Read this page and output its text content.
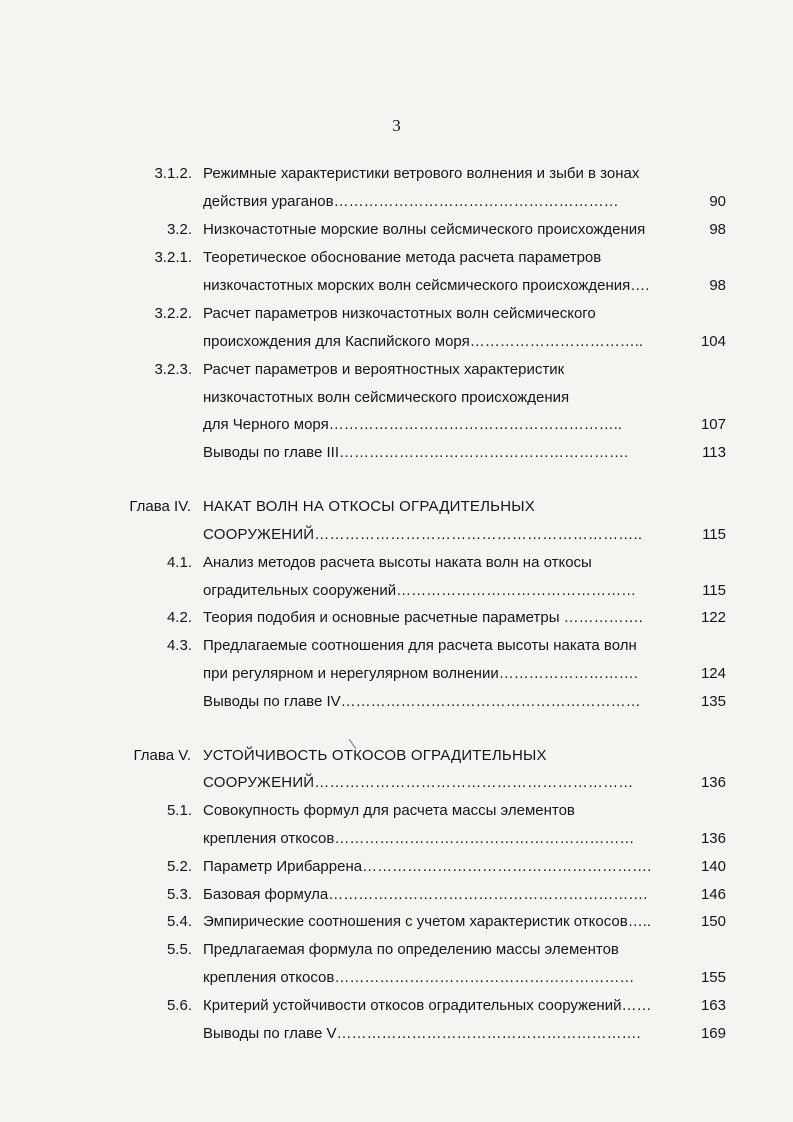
3
3.1.2. Режимные характеристики ветрового волнения и зыби в зонах
действия ураганов…………………………………………………	90
3.2. Низкочастотные морские волны сейсмического происхождения	98
3.2.1. Теоретическое обоснование метода расчета параметров
низкочастотных морских волн сейсмического происхождения….	98
3.2.2. Расчет параметров низкочастотных волн сейсмического
происхождения для Каспийского моря……………………………..	104
3.2.3. Расчет параметров и вероятностных характеристик
низкочастотных волн сейсмического происхождения
для Черного моря…………………………………………………..	107
Выводы по главе III………………………………………………….	113
Глава IV. НАКАТ ВОЛН НА ОТКОСЫ ОГРАДИТЕЛЬНЫХ
СООРУЖЕНИЙ………………………………………………………..	115
4.1. Анализ методов расчета высоты наката волн на откосы
оградительных сооружений…………………………………………	115
4.2. Теория подобия и основные расчетные параметры …………….	122
4.3. Предлагаемые соотношения для расчета высоты наката волн
при регулярном и нерегулярном волнении……………………….	124
Выводы по главе IV……………………………………………………	135
Глава V. УСТОЙЧИВОСТЬ ОТКОСОВ ОГРАДИТЕЛЬНЫХ
СООРУЖЕНИЙ………………………………………………………	136
5.1. Совокупность формул для расчета массы элементов
крепления откосов……………………………………………………	136
5.2. Параметр Ирибаррена………………………………………………….	140
5.3. Базовая формула……………………………………………………….	146
5.4. Эмпирические соотношения с учетом характеристик откосов…..	150
5.5. Предлагаемая формула по определению массы элементов
крепления откосов……………………………………………………	155
5.6. Критерий устойчивости откосов оградительных сооружений……	163
Выводы по главе V…………………………………………………….	169
